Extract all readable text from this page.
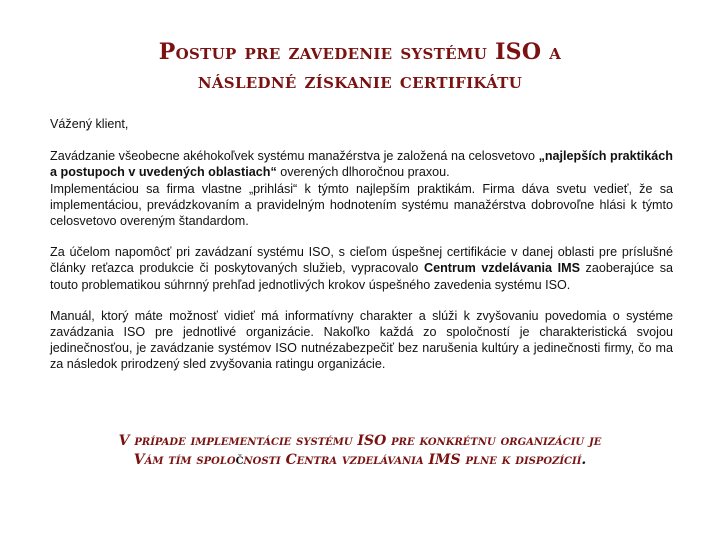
Postup pre zavedenie systému ISO a
následné získanie certifikátu

Vážený klient,

Zavádzanie všeobecne akéhokoľvek systému manažérstva je založená na celosvetovo „najlepších praktikách a postupoch v uvedených oblastiach“ overených dlhoročnou praxou.

Implementáciou sa firma vlastne „prihlási“ k týmto najlepším praktikám. Firma dáva svetu vedieť, že sa implementáciou, prevádzkovaním a pravidelným hodnotením systému manažérstva dobrovoľne hlási k týmto celosvetovo overeným štandardom.

Za účelom napomôcť pri zavádzaní systému ISO, s cieľom úspešnej certifikácie v danej oblasti pre príslušné články reťazca produkcie či poskytovaných služieb, vypracovalo Centrum vzdelávania IMS zaoberajúce sa touto problematikou súhrnný prehľad jednotlivých krokov úspešného zavedenia systému ISO.

Manuál, ktorý máte možnosť vidieť má informatívny charakter a slúži k zvyšovaniu povedomia o systéme zavádzania ISO pre jednotlivé organizácie. Nakoľko každá zo spoločností je charakteristická svojou jedinečnosťou, je zavádzanie systémov ISO nutnézabezpečiť bez narušenia kultúry a jedinečnosti firmy, čo ma za následok prirodzený sled zvyšovania ratingu organizácie.

V prípade implementácie systému ISO pre konkrétnu organizáciu je
Vám tím spoločnosti Centra vzdelávania IMS plne k dispozícií.
